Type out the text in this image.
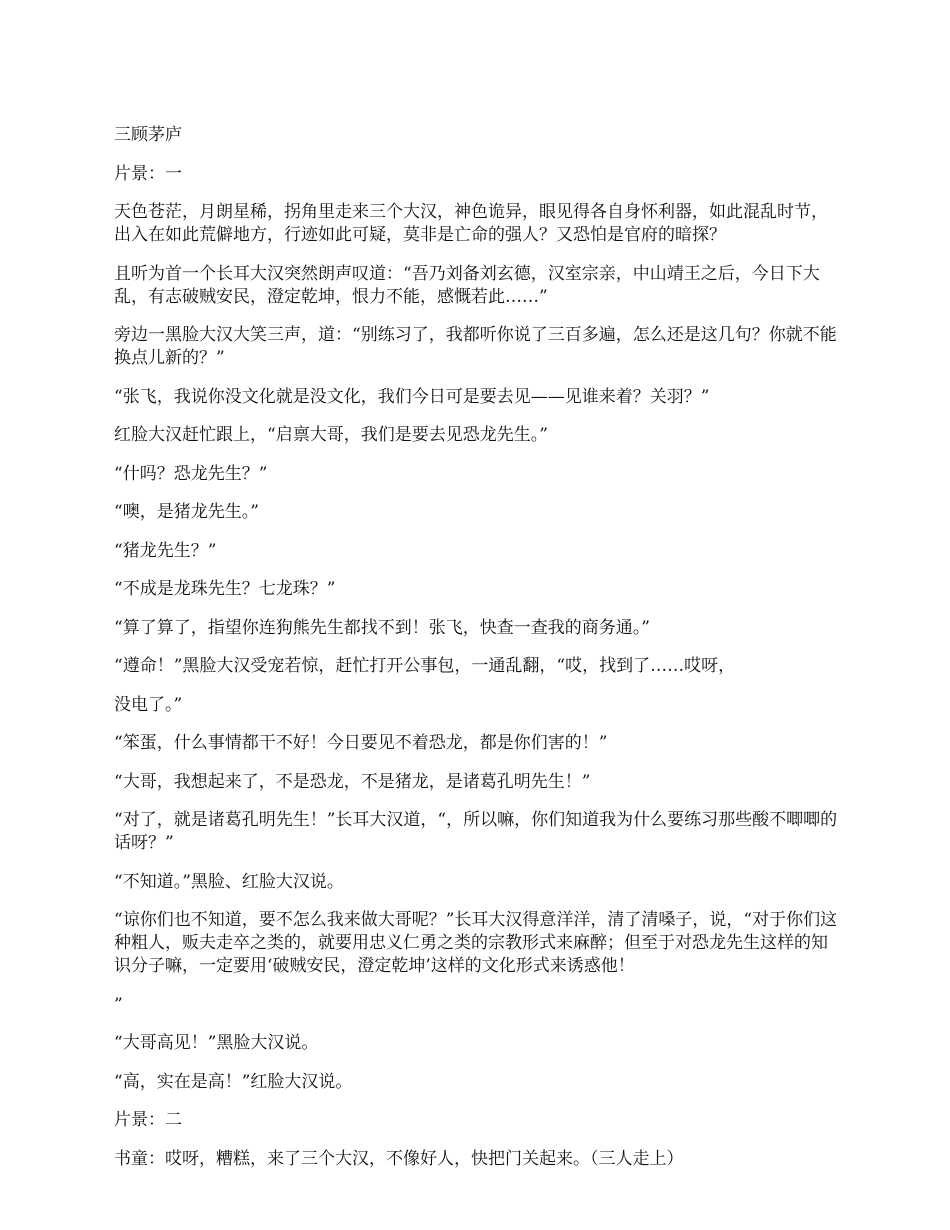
三顾茅庐

片景：一

天色苍茫，月朗星稀，拐角里走来三个大汉，神色诡异，眼见得各自身怀利器，如此混乱时节，出入在如此荒僻地方，行迹如此可疑，莫非是亡命的强人？又恐怕是官府的暗探？

且听为首一个长耳大汉突然朗声叹道：“吾乃刘备刘玄德，汉室宗亲，中山靖王之后，今日下大乱，有志破贼安民，澄定乾坤，恨力不能，感慨若此……”

旁边一黑脸大汉大笑三声，道：“别练习了，我都听你说了三百多遍，怎么还是这几句？你就不能换点儿新的？”

“张飞，我说你没文化就是没文化，我们今日可是要去见——见谁来着？关羽？”

红脸大汉赶忙跟上，“启禀大哥，我们是要去见恐龙先生。”

“什吗？恐龙先生？”

“噢，是猪龙先生。”

“猪龙先生？”

“不成是龙珠先生？七龙珠？”

“算了算了，指望你连狗熊先生都找不到！张飞，快查一查我的商务通。”

“遵命！”黑脸大汉受宠若惊，赶忙打开公事包，一通乱翻，“哎，找到了……哎呀，

没电了。”

“笨蛋，什么事情都干不好！今日要见不着恐龙，都是你们害的！”

“大哥，我想起来了，不是恐龙，不是猪龙，是诸葛孔明先生！”

“对了，就是诸葛孔明先生！”长耳大汉道，“，所以嘛，你们知道我为什么要练习那些酸不唧唧的话呀？”

“不知道。”黑脸、红脸大汉说。

“谅你们也不知道，要不怎么我来做大哥呢？”长耳大汉得意洋洋，清了清嗓子，说，“对于你们这种粗人，贩夫走卒之类的，就要用忠义仁勇之类的宗教形式来麻醉；但至于对恐龙先生这样的知识分子嘛，一定要用‘破贼安民，澄定乾坤’这样的文化形式来诱惑他！

”

“大哥高见！”黑脸大汉说。

“高，实在是高！”红脸大汉说。

片景：二

书童：哎呀，糟糕，来了三个大汉，不像好人，快把门关起来。（三人走上）
